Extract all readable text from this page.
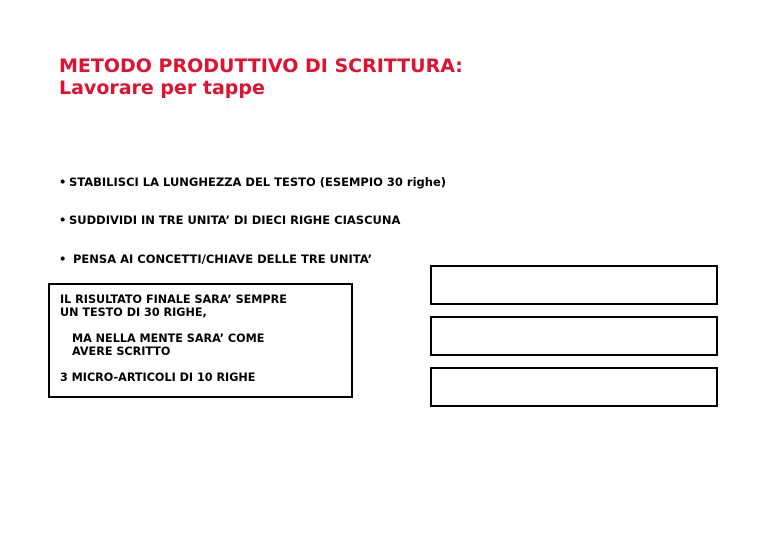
METODO PRODUTTIVO DI SCRITTURA:
Lavorare per tappe
• STABILISCI LA LUNGHEZZA DEL TESTO (ESEMPIO 30 righe)
• SUDDIVIDI IN TRE UNITA’ DI DIECI RIGHE CIASCUNA
• PENSA AI CONCETTI/CHIAVE DELLE TRE UNITA’
IL RISULTATO FINALE SARA’ SEMPRE
UN TESTO DI 30 RIGHE,
MA NELLA MENTE SARA’ COME
AVERE SCRITTO
3 MICRO-ARTICOLI DI 10 RIGHE
